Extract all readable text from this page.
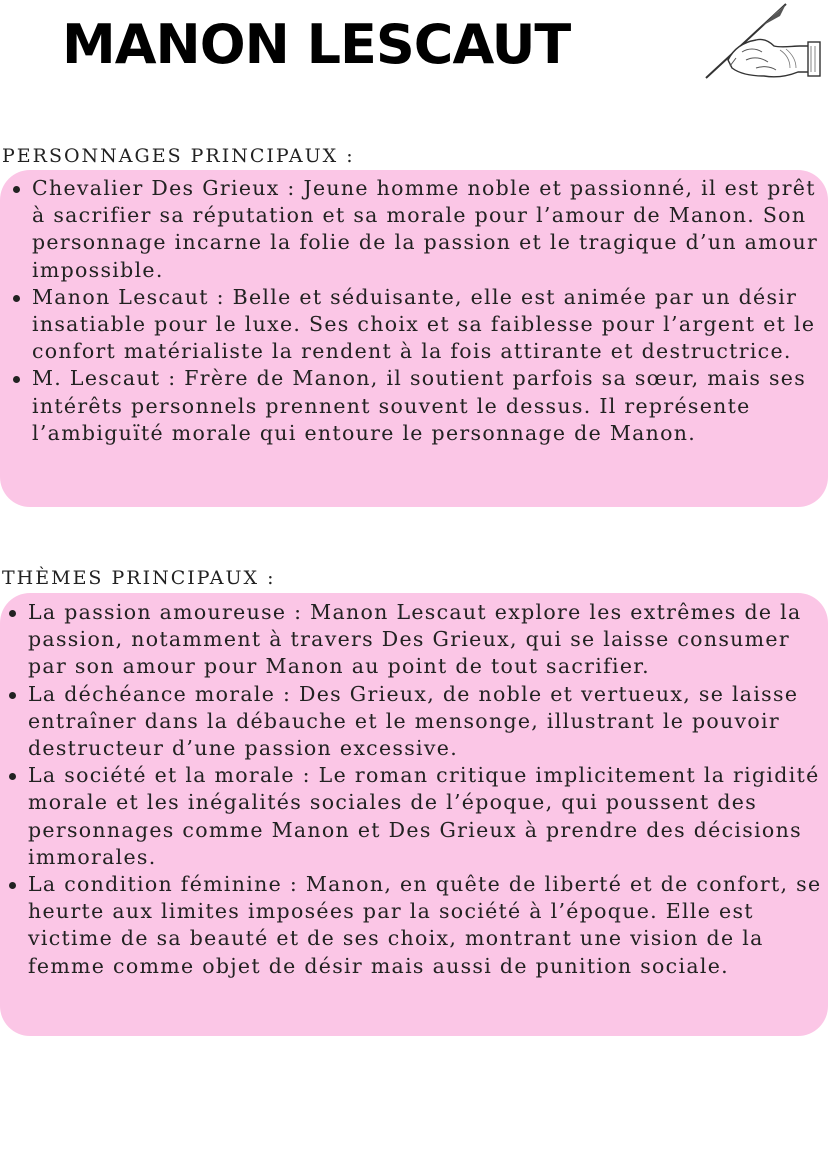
MANON LESCAUT
PERSONNAGES PRINCIPAUX :
Chevalier Des Grieux : Jeune homme noble et passionné, il est prêt à sacrifier sa réputation et sa morale pour l’amour de Manon. Son personnage incarne la folie de la passion et le tragique d’un amour impossible.
Manon Lescaut : Belle et séduisante, elle est animée par un désir insatiable pour le luxe. Ses choix et sa faiblesse pour l’argent et le confort matérialiste la rendent à la fois attirante et destructrice.
M. Lescaut : Frère de Manon, il soutient parfois sa sœur, mais ses intérêts personnels prennent souvent le dessus. Il représente l’ambiguïté morale qui entoure le personnage de Manon.
THÈMES PRINCIPAUX :
La passion amoureuse : Manon Lescaut explore les extrêmes de la passion, notamment à travers Des Grieux, qui se laisse consumer par son amour pour Manon au point de tout sacrifier.
La déchéance morale : Des Grieux, de noble et vertueux, se laisse entraîner dans la débauche et le mensonge, illustrant le pouvoir destructeur d’une passion excessive.
La société et la morale : Le roman critique implicitement la rigidité morale et les inégalités sociales de l’époque, qui poussent des personnages comme Manon et Des Grieux à prendre des décisions immorales.
La condition féminine : Manon, en quête de liberté et de confort, se heurte aux limites imposées par la société à l’époque. Elle est victime de sa beauté et de ses choix, montrant une vision de la femme comme objet de désir mais aussi de punition sociale.
